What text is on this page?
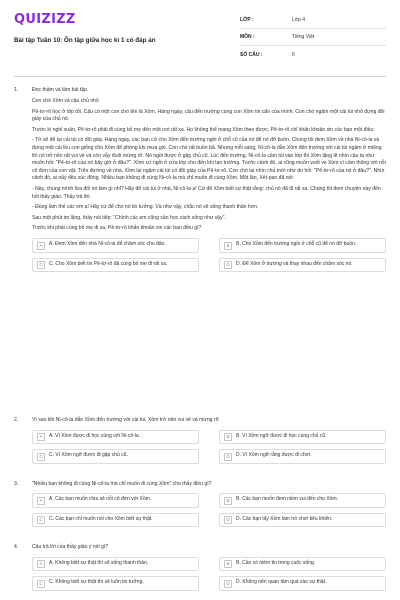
QUIZIZZ
Bài tập Tuần 10: Ôn tập giữa học kì 1 có đáp án
LỚP :	Lớp 4
MÔN :	Tiếng Việt
SỐ CÂU :	6
1.	Đọc thầm và làm bài tập.

Con chó Xồm và cậu chủ nhỏ

Pê-tơ-rô học ở lớp tôi. Cậu có một con chó tên là Xồm. Hàng ngày, cậu đến trường cùng con Xồm tin cẩn của mình. Con chó ngậm một cái túi nhỏ đựng đôi giày của chủ nó.

Trước kì nghỉ xuân, Pê-tơ-rô phải đi cùng bố mẹ đến một nơi rất xa. Họ không thể mang Xồm theo được. Pê-tơ-rô chỉ khẩn khoản xin các bạn một điều:

- Tớ sẽ để lại cái túi có đôi giày. Hàng ngày, các bạn cứ cho Xồm đến trường ngồi ở chỗ cũ của nó để nó đỡ buồn. Chúng tôi đem Xồm về nhà Ni-cô-la và đựng một cái lều con giống cho Xồm để phòng khi mưa gió. Con chó rất buồn bã. Nhưng mỗi sáng, Ni-cô-la dẫn Xồm đến trường với cái túi ngậm ở miệng thì nó trở nên rất vui vẻ và còn vẫy đuôi mừng rỡ. Nó ngồi được ở gặp chủ cũ. Lúc đến trường, Ni-cô-la cầm túi vào lớp thì Xồm lặng lẽ nhìn cậu ta như muốn hỏi: "Pê-tơ-rô của nó bây giờ ở đâu?". Xồm cứ ngồi ở cửa lớp cho đến khi tan trường. Trước cảnh đó, ai cũng muốn vuốt ve Xồm vì cảm thông với nỗi cô đơn của con vật. Trên đường về nhà, Xồm lại ngậm cái túi có đôi giày của Pê-tơ-rô. Con chó lại nhìn chủ mới như do hỏi: "Pê-tơ-rô của nó ở đâu?". Nhìn cảnh đó, ai nấy đều xúc động. Nhiều bạn không đi cùng Ni-cô-la mà chỉ muốn đi cùng Xồm. Một lần, Xết-pan đã nói:

- Này, chúng mình lừa đối nó làm gì nhỉ? Hãy để cái túi ở nhà, Ni-cô-la ạ! Cứ để Xồm biết sự thật rằng: chủ nó đã đi rất xa. Chúng tôi đem chuyện này đến hỏi thầy giáo. Thầy trả lời:

- Đúng làm thế các em ạ! Hãy cứ để cho nó tin tưởng. Và như vậy, chắc nó sẽ sống thanh thản hơn.

Sau một phút im lặng, thầy nói tiếp: "Chính các em cũng cần học cách sống như vậy".

Trước khi phải cùng bố mẹ đi xa, Pê-tơ-rô khẩn khoản xin các bạn điều gì?

A	A. Đem Xồm đến nhà Ni-cô-la để chăm sóc chu đáo.	B	B. Cho Xồm đến trường ngồi ở chỗ cũ để nó đỡ buồn.
C	C. Cho Xồm biết tin Pê-tơ-rô đã cùng bố mẹ đi rất xa.	D	D. Để Xồm ở trường và thay nhau đến chăm sóc nó.
2.	Vì sao khi Ni-cô-la dẫn Xồm đến trường với cái túi, Xồm trở nên vui vẻ và mừng rỡ

A	A. Vì Xồm được đi học cùng với Ni-cô-la.	B	B. Vì Xồm ngỡ được đi học cùng chủ cũ.
C	C. Vì Xồm ngỡ được đi gặp chủ cũ.	D	D. Vì Xồm ngỡ rằng được đi chơi.
3.	"Nhiều bạn không đi cùng Ni-cô-la mà chỉ muốn đi cùng Xồm" cho thấy điều gì?

A	A. Các bạn muốn chia sẻ nỗi cô đơn với Xồm.	B	B. Các bạn muốn đem niềm vui đến cho Xồm.
C	C. Các bạn chỉ muốn nói cho Xồm biết sự thật.	D	D. Các bạn lấy Xồm làm trò chơi tiêu khiển.
4.	Câu trả lời của thầy giáo ý nói gì?

A	A. Không biết sự thật thì sẽ sống thanh thản.	B	B. Cần có niềm tin trong cuộc sống.
C	C. Không biết sự thật thì sẽ luôn tin tưởng.	D	D. Không nên quan tâm quá vào sự thật.
